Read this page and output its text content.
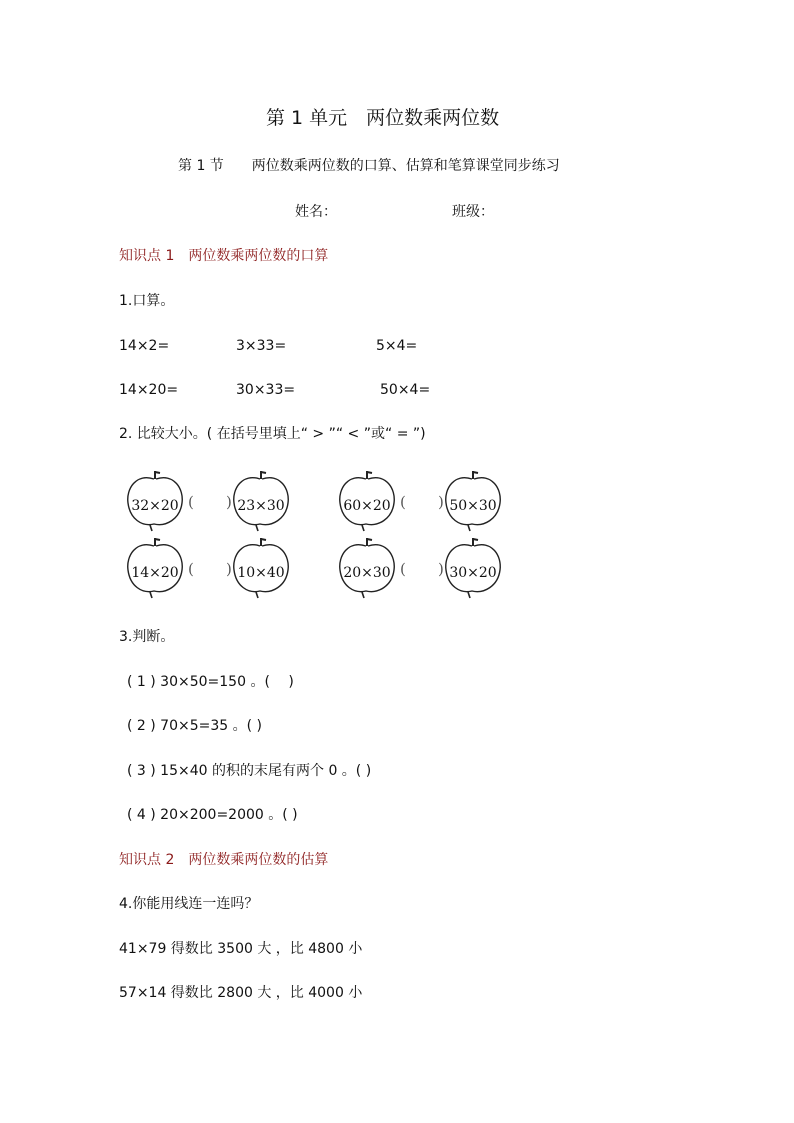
第 1 单元　两位数乘两位数
第 1 节　　两位数乘两位数的口算、估算和笔算课堂同步练习
姓名：	班级：
知识点 1　两位数乘两位数的口算
1.口算。
14×2=	3×33=	5×4=
14×20=	30×33=	50×4=
2. 比较大小。( 在括号里填上“ > ”“ < ”或“ = ”)
32×20 ( ) 23×30	60×20 ( ) 50×30
14×20 ( ) 10×40	20×30 ( ) 30×20
3.判断。
( 1 ) 30×50=150 。(　 )
( 2 ) 70×5=35 。( )
( 3 ) 15×40 的积的末尾有两个 0 。( )
( 4 ) 20×200=2000 。( )
知识点 2　两位数乘两位数的估算
4.你能用线连一连吗？
41×79 得数比 3500 大 ，比 4800 小
57×14 得数比 2800 大 ，比 4000 小
